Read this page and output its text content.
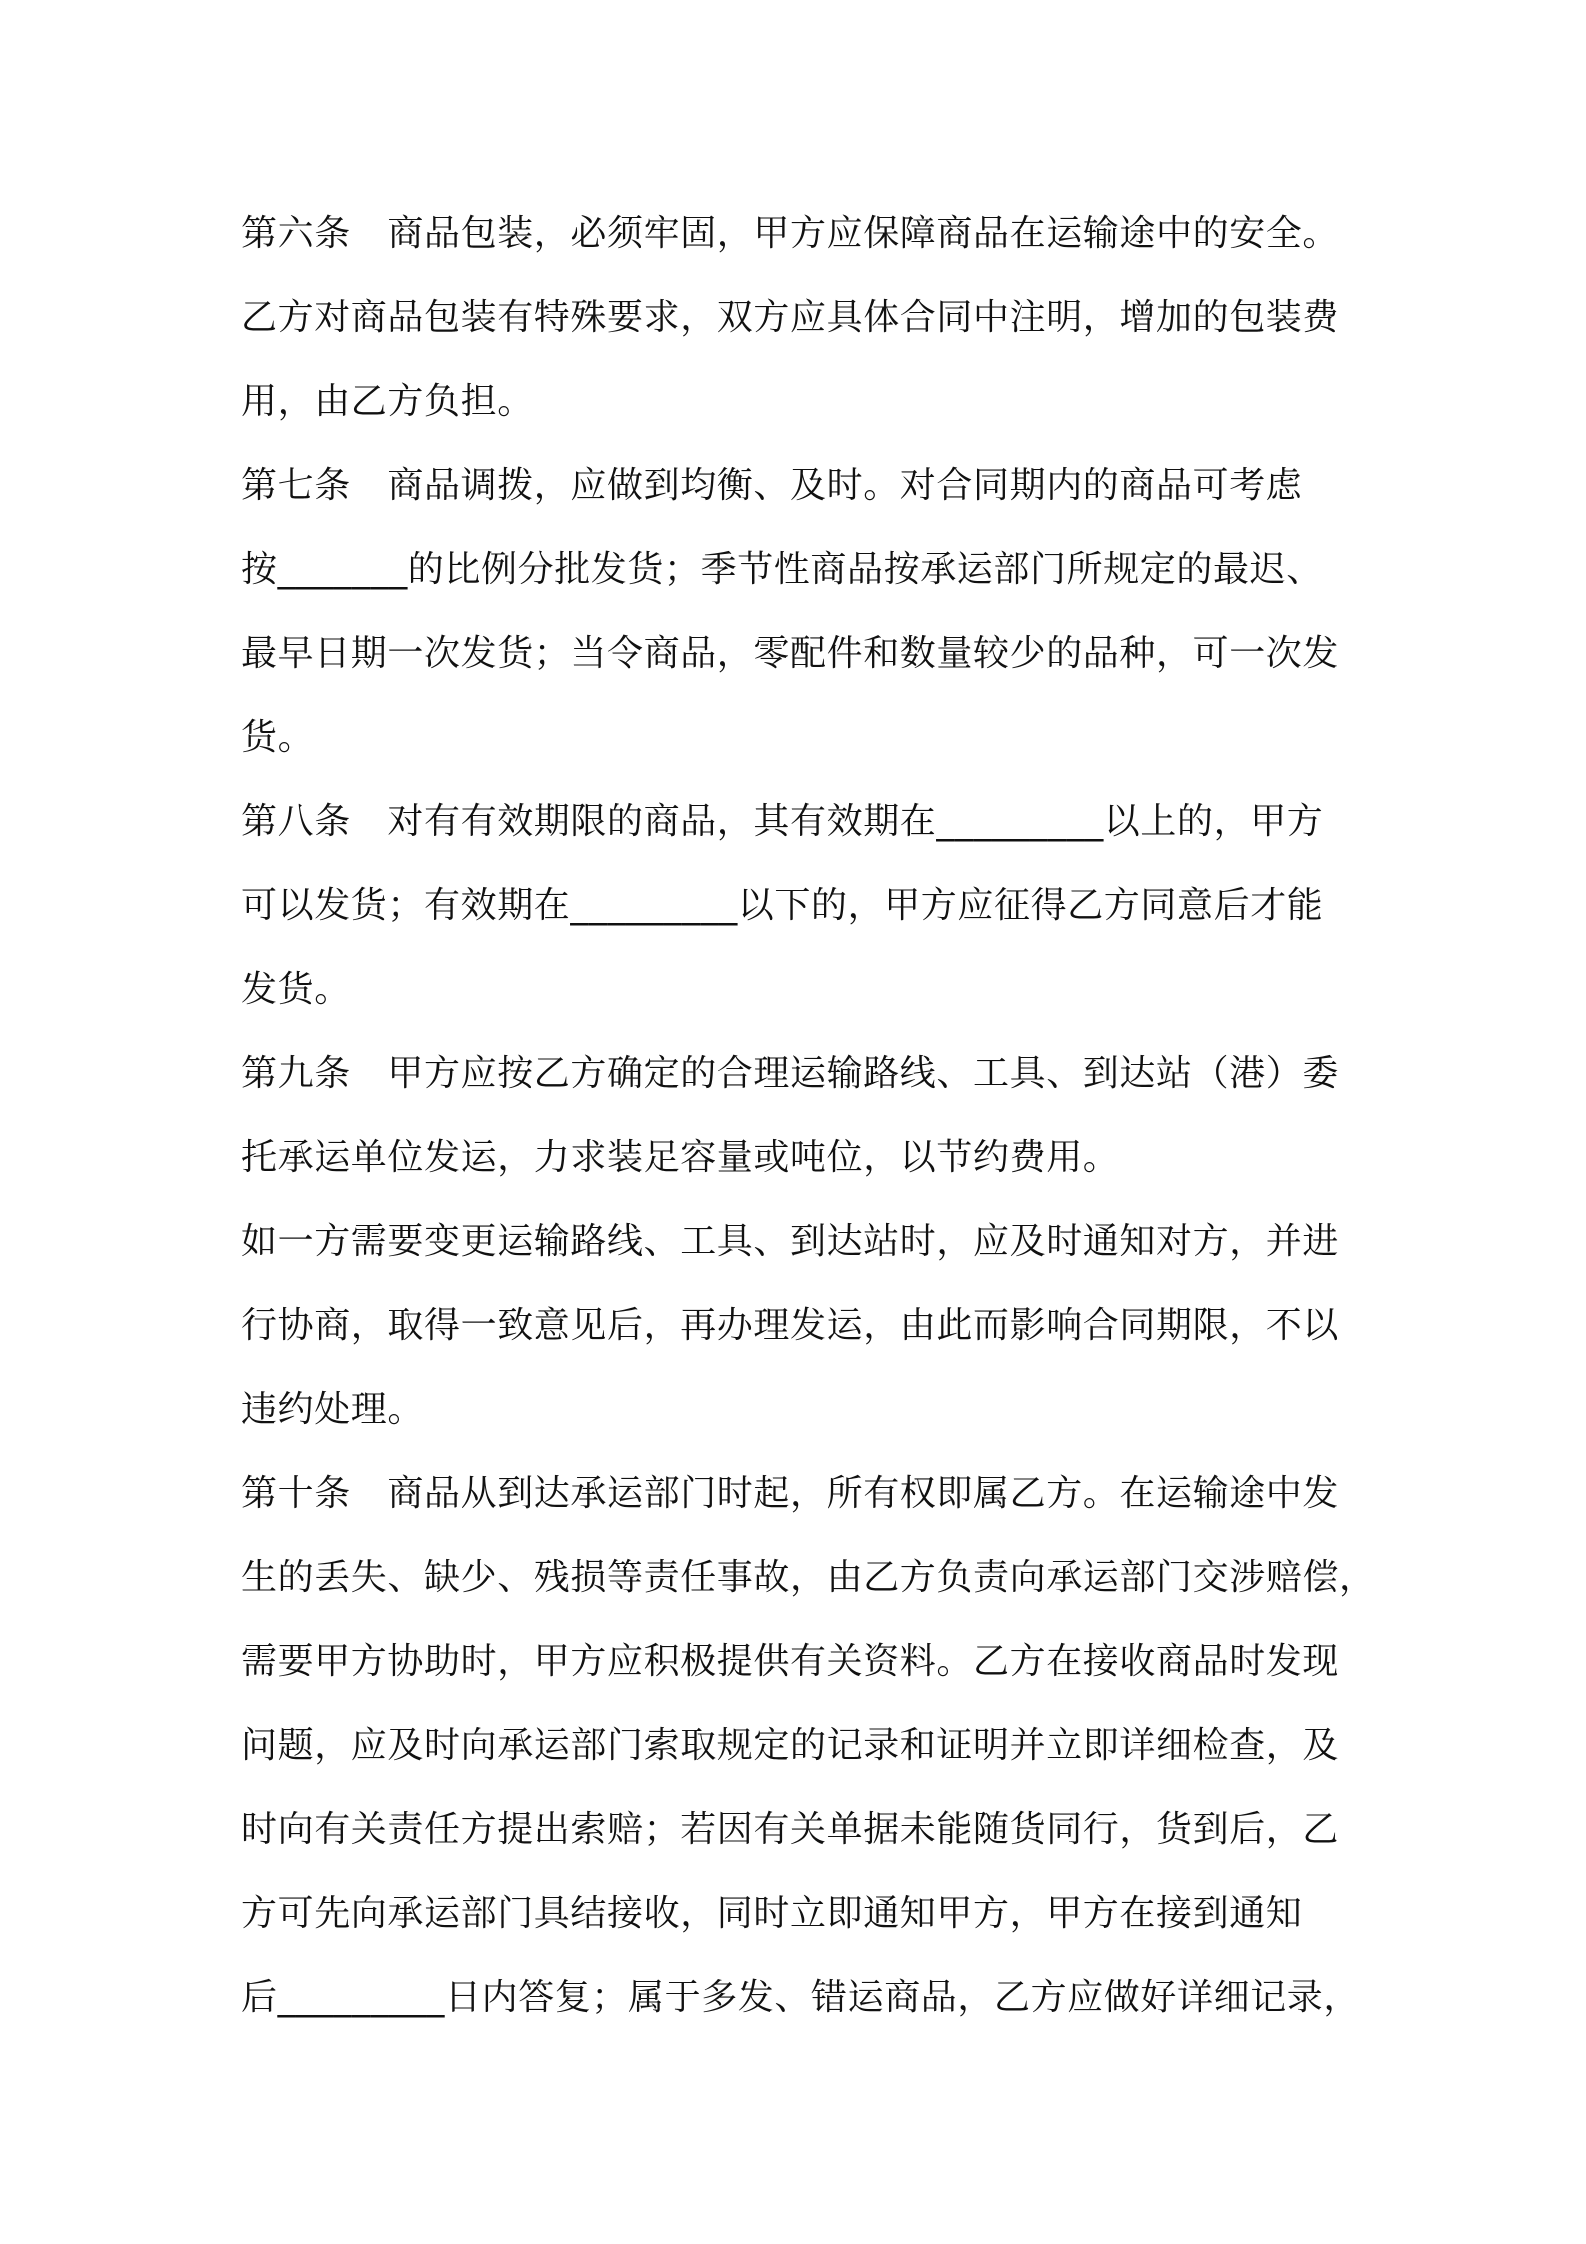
第六条　商品包装，必须牢固，甲方应保障商品在运输途中的安全。
乙方对商品包装有特殊要求，双方应具体合同中注明，增加的包装费
用，由乙方负担。
第七条　商品调拨，应做到均衡、及时。对合同期内的商品可考虑
按_______的比例分批发货；季节性商品按承运部门所规定的最迟、
最早日期一次发货；当令商品，零配件和数量较少的品种，可一次发
货。
第八条　对有有效期限的商品，其有效期在_________以上的，甲方
可以发货；有效期在_________以下的，甲方应征得乙方同意后才能
发货。
第九条　甲方应按乙方确定的合理运输路线、工具、到达站（港）委
托承运单位发运，力求装足容量或吨位，以节约费用。
如一方需要变更运输路线、工具、到达站时，应及时通知对方，并进
行协商，取得一致意见后，再办理发运，由此而影响合同期限，不以
违约处理。
第十条　商品从到达承运部门时起，所有权即属乙方。在运输途中发
生的丢失、缺少、残损等责任事故，由乙方负责向承运部门交涉赔偿，
需要甲方协助时，甲方应积极提供有关资料。乙方在接收商品时发现
问题，应及时向承运部门索取规定的记录和证明并立即详细检查，及
时向有关责任方提出索赔；若因有关单据未能随货同行，货到后，乙
方可先向承运部门具结接收，同时立即通知甲方，甲方在接到通知
后_________日内答复；属于多发、错运商品，乙方应做好详细记录，
